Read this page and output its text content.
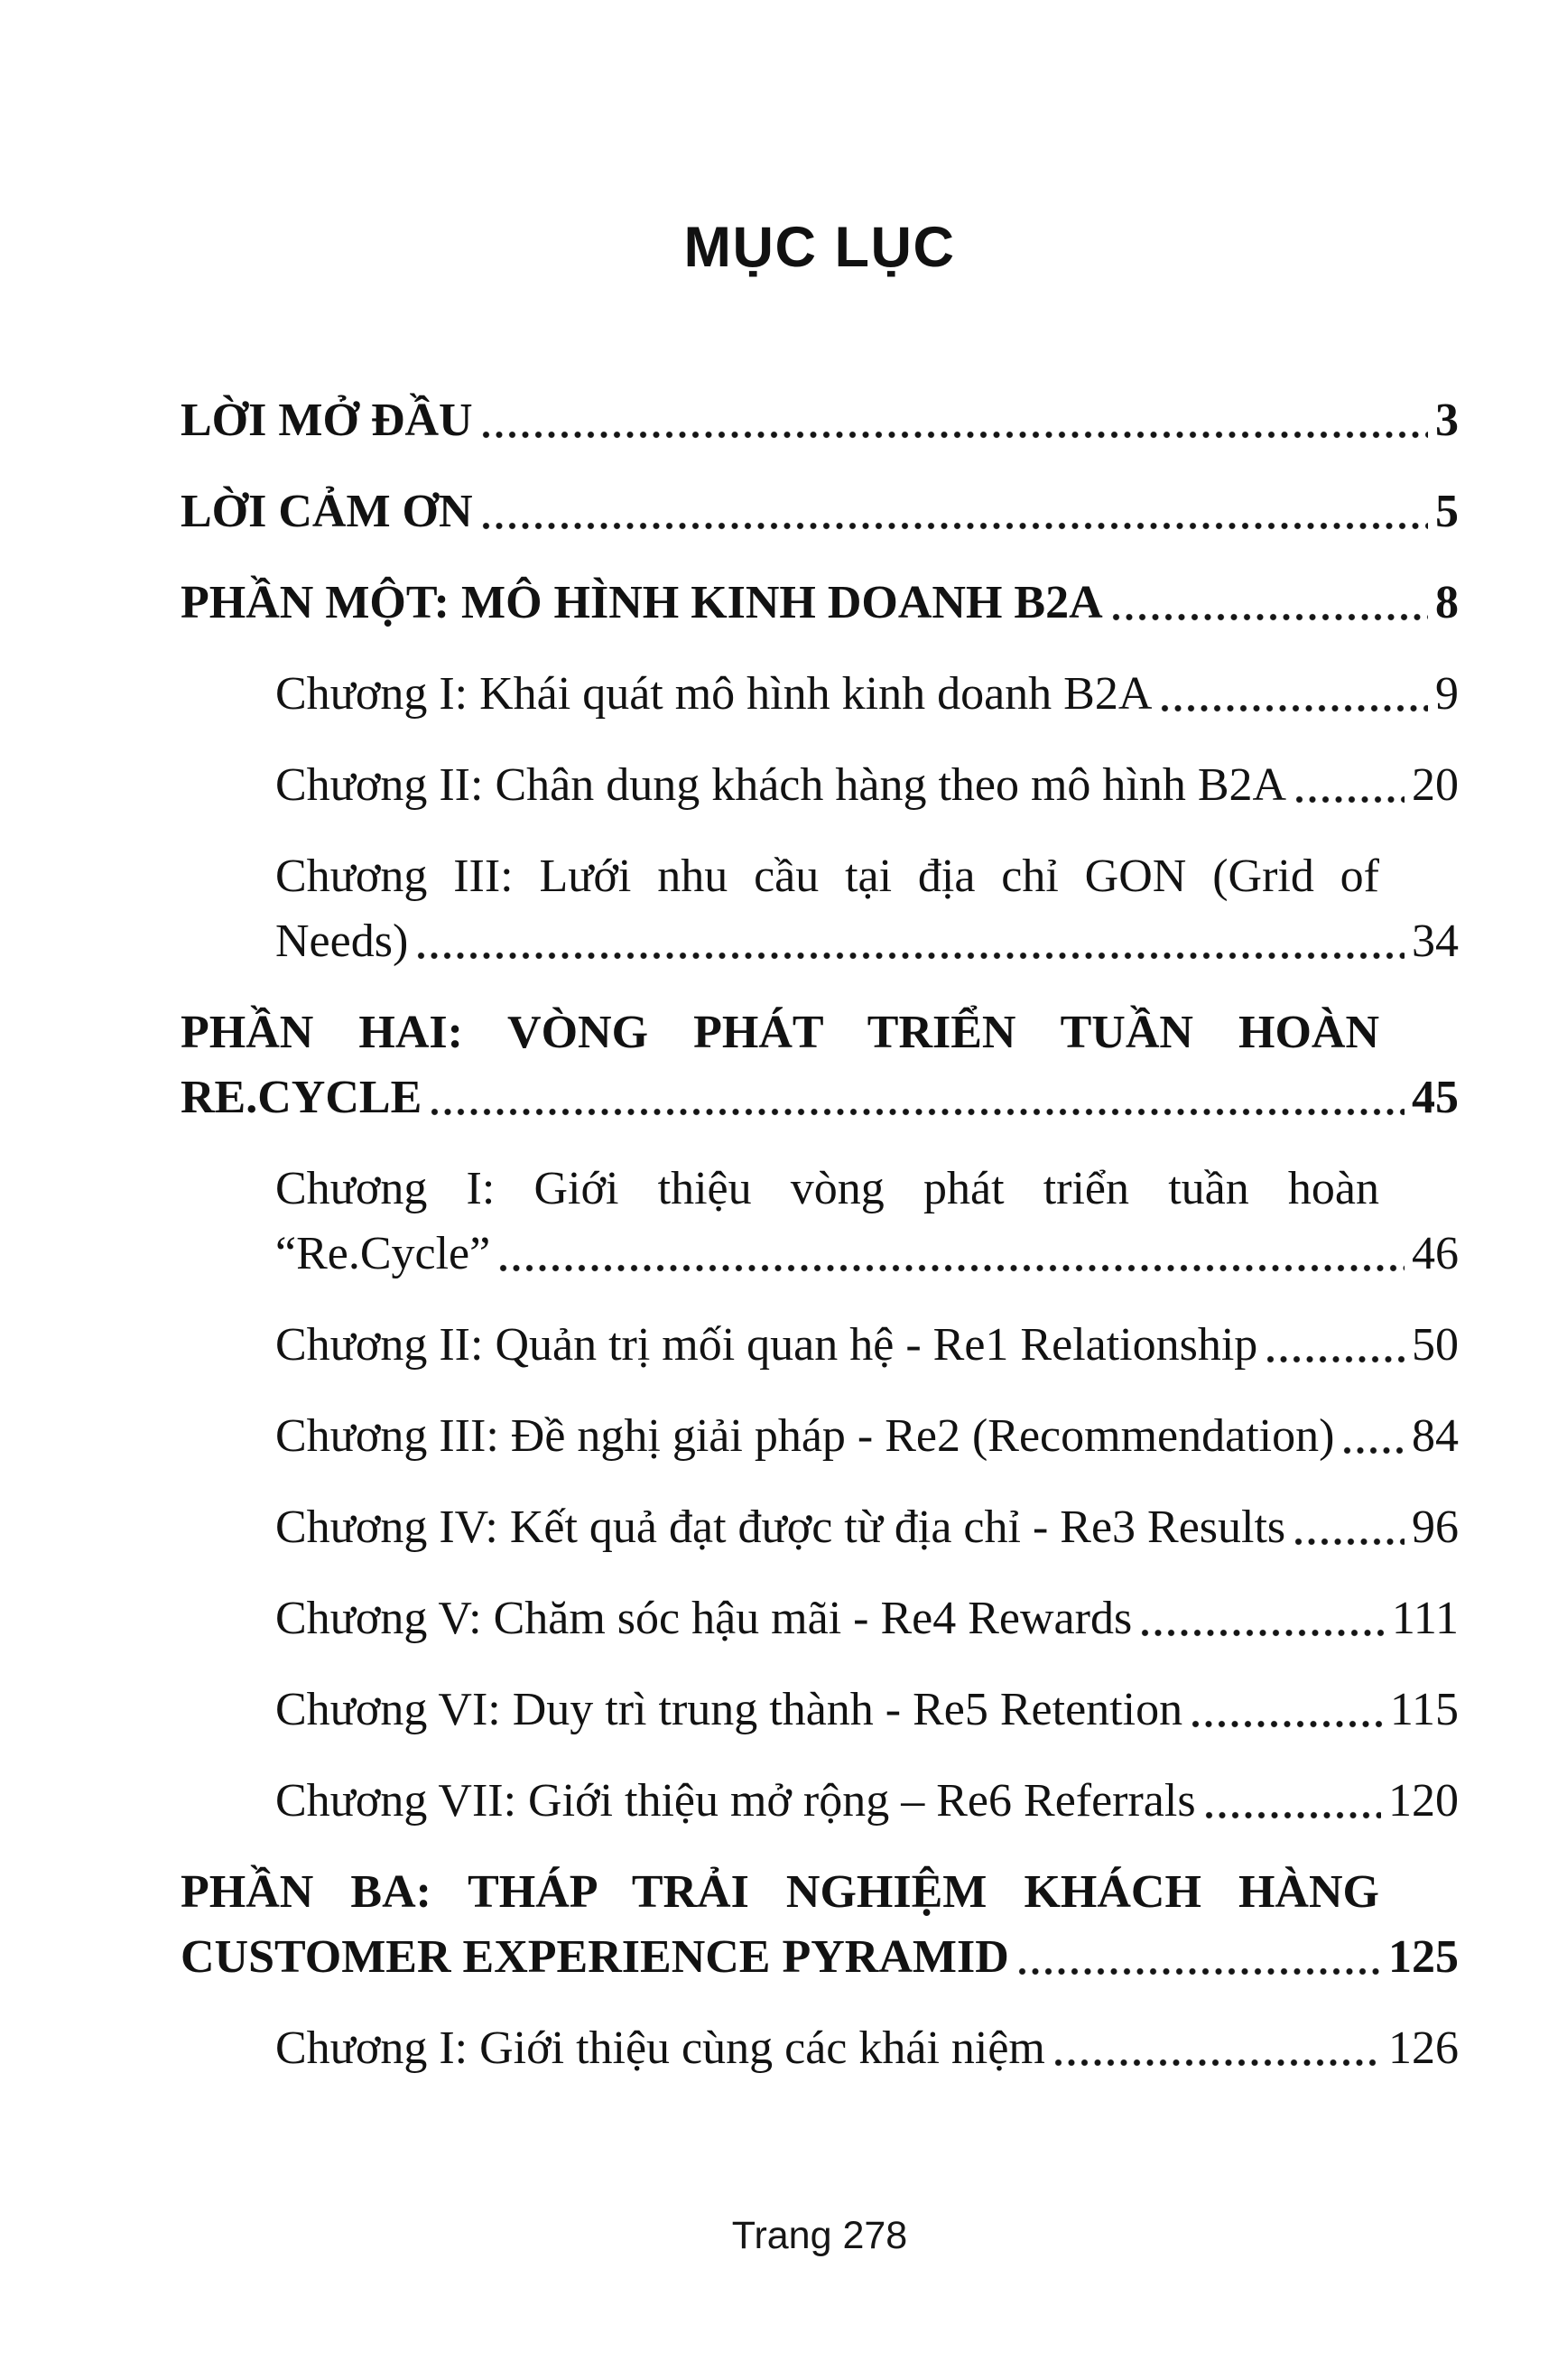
MỤC LỤC
LỜI MỞ ĐẦU	3
LỜI CẢM ƠN	5
PHẦN MỘT: MÔ HÌNH KINH DOANH B2A	8
Chương I: Khái quát mô hình kinh doanh B2A	9
Chương II: Chân dung khách hàng theo mô hình B2A	20
Chương III: Lưới nhu cầu tại địa chỉ GON (Grid of
Needs)	34
PHẦN HAI: VÒNG PHÁT TRIỂN TUẦN HOÀN
RE.CYCLE	45
Chương I: Giới thiệu vòng phát triển tuần hoàn
“Re.Cycle”	46
Chương II: Quản trị mối quan hệ - Re1 Relationship	50
Chương III: Đề nghị giải pháp - Re2 (Recommendation) 84
Chương IV: Kết quả đạt được từ địa chỉ - Re3 Results	96
Chương V: Chăm sóc hậu mãi - Re4 Rewards	111
Chương VI: Duy trì trung thành - Re5 Retention	115
Chương VII: Giới thiệu mở rộng – Re6 Referrals	120
PHẦN BA: THÁP TRẢI NGHIỆM KHÁCH HÀNG
CUSTOMER EXPERIENCE PYRAMID	125
Chương I: Giới thiệu cùng các khái niệm	126
Trang 278
